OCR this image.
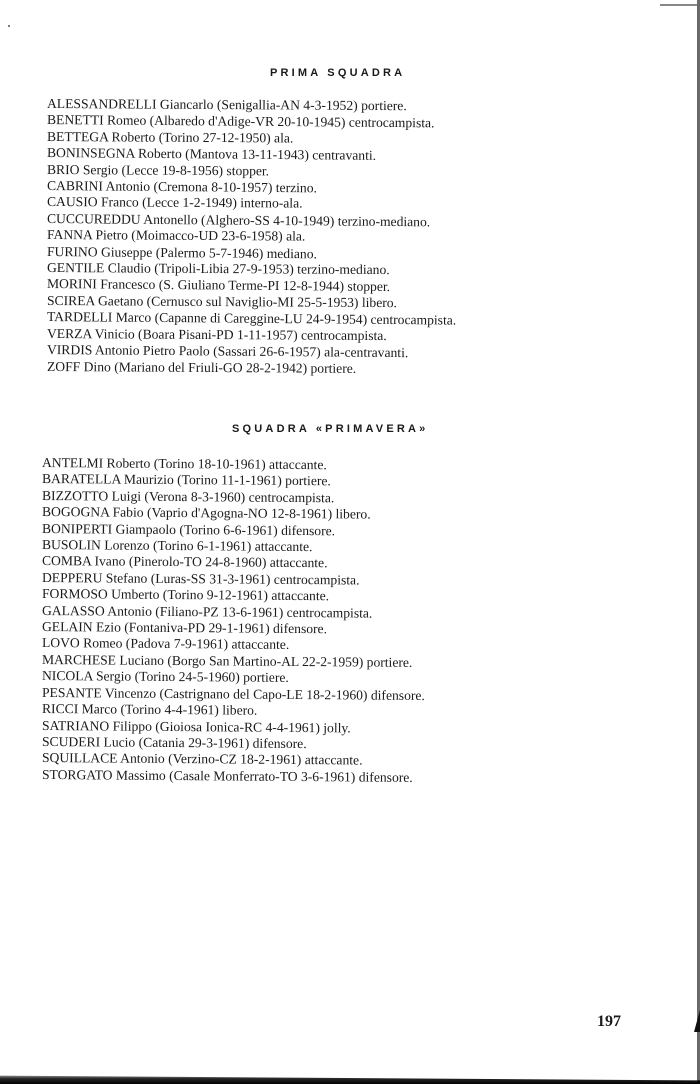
PRIMA SQUADRA
ALESSANDRELLI Giancarlo (Senigallia-AN 4-3-1952) portiere.
BENETTI Romeo (Albaredo d'Adige-VR 20-10-1945) centrocampista.
BETTEGA Roberto (Torino 27-12-1950) ala.
BONINSEGNA Roberto (Mantova 13-11-1943) centravanti.
BRIO Sergio (Lecce 19-8-1956) stopper.
CABRINI Antonio (Cremona 8-10-1957) terzino.
CAUSIO Franco (Lecce 1-2-1949) interno-ala.
CUCCUREDDU Antonello (Alghero-SS 4-10-1949) terzino-mediano.
FANNA Pietro (Moimacco-UD 23-6-1958) ala.
FURINO Giuseppe (Palermo 5-7-1946) mediano.
GENTILE Claudio (Tripoli-Libia 27-9-1953) terzino-mediano.
MORINI Francesco (S. Giuliano Terme-PI 12-8-1944) stopper.
SCIREA Gaetano (Cernusco sul Naviglio-MI 25-5-1953) libero.
TARDELLI Marco (Capanne di Careggine-LU 24-9-1954) centrocampista.
VERZA Vinicio (Boara Pisani-PD 1-11-1957) centrocampista.
VIRDIS Antonio Pietro Paolo (Sassari 26-6-1957) ala-centravanti.
ZOFF Dino (Mariano del Friuli-GO 28-2-1942) portiere.
SQUADRA «PRIMAVERA»
ANTELMI Roberto (Torino 18-10-1961) attaccante.
BARATELLA Maurizio (Torino 11-1-1961) portiere.
BIZZOTTO Luigi (Verona 8-3-1960) centrocampista.
BOGOGNA Fabio (Vaprio d'Agogna-NO 12-8-1961) libero.
BONIPERTI Giampaolo (Torino 6-6-1961) difensore.
BUSOLIN Lorenzo (Torino 6-1-1961) attaccante.
COMBA Ivano (Pinerolo-TO 24-8-1960) attaccante.
DEPPERU Stefano (Luras-SS 31-3-1961) centrocampista.
FORMOSO Umberto (Torino 9-12-1961) attaccante.
GALASSO Antonio (Filiano-PZ 13-6-1961) centrocampista.
GELAIN Ezio (Fontaniva-PD 29-1-1961) difensore.
LOVO Romeo (Padova 7-9-1961) attaccante.
MARCHESE Luciano (Borgo San Martino-AL 22-2-1959) portiere.
NICOLA Sergio (Torino 24-5-1960) portiere.
PESANTE Vincenzo (Castrignano del Capo-LE 18-2-1960) difensore.
RICCI Marco (Torino 4-4-1961) libero.
SATRIANO Filippo (Gioiosa Ionica-RC 4-4-1961) jolly.
SCUDERI Lucio (Catania 29-3-1961) difensore.
SQUILLACE Antonio (Verzino-CZ 18-2-1961) attaccante.
STORGATO Massimo (Casale Monferrato-TO 3-6-1961) difensore.
197
